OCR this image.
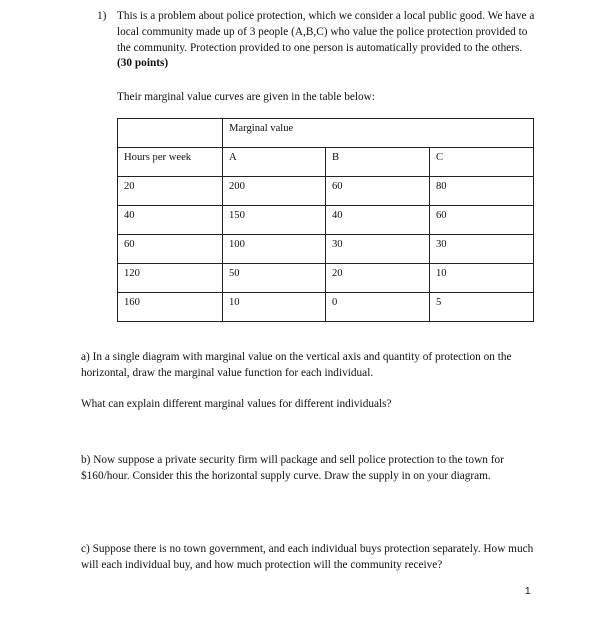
1) This is a problem about police protection, which we consider a local public good. We have a local community made up of 3 people (A,B,C) who value the police protection provided to the community. Protection provided to one person is automatically provided to the others. (30 points)
Their marginal value curves are given in the table below:
	Marginal value		
Hours per week	A	B	C
20	200	60	80
40	150	40	60
60	100	30	30
120	50	20	10
160	10	0	5
a) In a single diagram with marginal value on the vertical axis and quantity of protection on the horizontal, draw the marginal value function for each individual.
What can explain different marginal values for different individuals?
b) Now suppose a private security firm will package and sell police protection to the town for $160/hour. Consider this the horizontal supply curve. Draw the supply in on your diagram.
c) Suppose there is no town government, and each individual buys protection separately. How much will each individual buy, and how much protection will the community receive?
1
